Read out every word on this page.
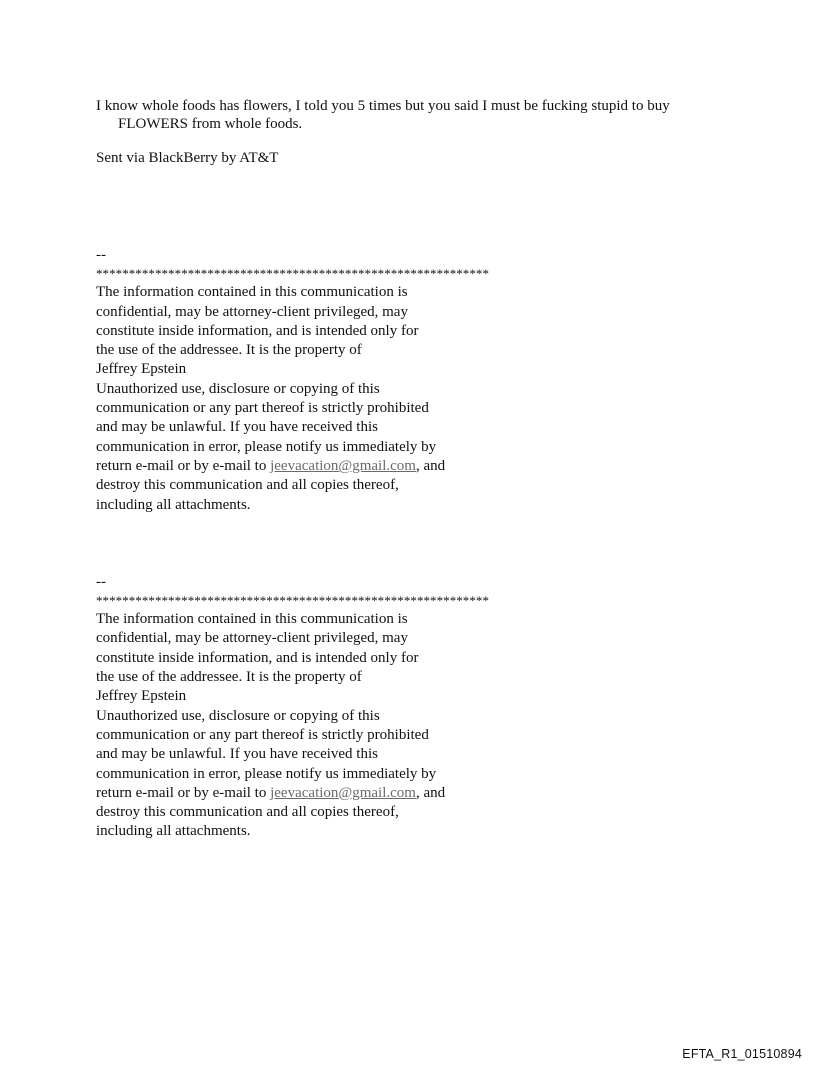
I know whole foods has flowers, I told you 5 times but you said I must be fucking stupid to buy FLOWERS from whole foods.

Sent via BlackBerry by AT&T

--
************************************************************
The information contained in this communication is
confidential, may be attorney-client privileged, may
constitute inside information, and is intended only for
the use of the addressee. It is the property of
Jeffrey Epstein
Unauthorized use, disclosure or copying of this
communication or any part thereof is strictly prohibited
and may be unlawful. If you have received this
communication in error, please notify us immediately by
return e-mail or by e-mail to jeevacation@gmail.com, and
destroy this communication and all copies thereof,
including all attachments.
--
************************************************************
The information contained in this communication is
confidential, may be attorney-client privileged, may
constitute inside information, and is intended only for
the use of the addressee. It is the property of
Jeffrey Epstein
Unauthorized use, disclosure or copying of this
communication or any part thereof is strictly prohibited
and may be unlawful. If you have received this
communication in error, please notify us immediately by
return e-mail or by e-mail to jeevacation@gmail.com, and
destroy this communication and all copies thereof,
including all attachments.
EFTA_R1_01510894
